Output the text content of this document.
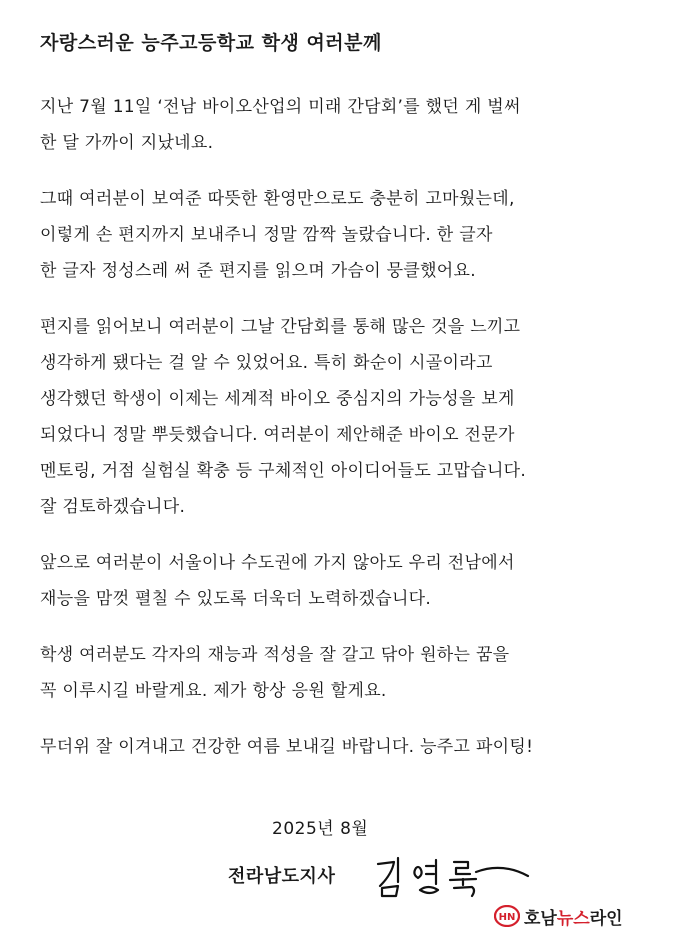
자랑스러운 능주고등학교 학생 여러분께
지난 7월 11일 ‘전남 바이오산업의 미래 간담회’를 했던 게 벌써
한 달 가까이 지났네요.
그때 여러분이 보여준 따뜻한 환영만으로도 충분히 고마웠는데,
이렇게 손 편지까지 보내주니 정말 깜짝 놀랐습니다. 한 글자
한 글자 정성스레 써 준 편지를 읽으며 가슴이 뭉클했어요.
편지를 읽어보니 여러분이 그날 간담회를 통해 많은 것을 느끼고
생각하게 됐다는 걸 알 수 있었어요. 특히 화순이 시골이라고
생각했던 학생이 이제는 세계적 바이오 중심지의 가능성을 보게
되었다니 정말 뿌듯했습니다. 여러분이 제안해준 바이오 전문가
멘토링, 거점 실험실 확충 등 구체적인 아이디어들도 고맙습니다.
잘 검토하겠습니다.
앞으로 여러분이 서울이나 수도권에 가지 않아도 우리 전남에서
재능을 맘껏 펼칠 수 있도록 더욱더 노력하겠습니다.
학생 여러분도 각자의 재능과 적성을 잘 갈고 닦아 원하는 꿈을
꼭 이루시길 바랄게요. 제가 항상 응원 할게요.
무더위 잘 이겨내고 건강한 여름 보내길 바랍니다. 능주고 파이팅!
2025년 8월
전라남도지사
HN 호남뉴스라인
